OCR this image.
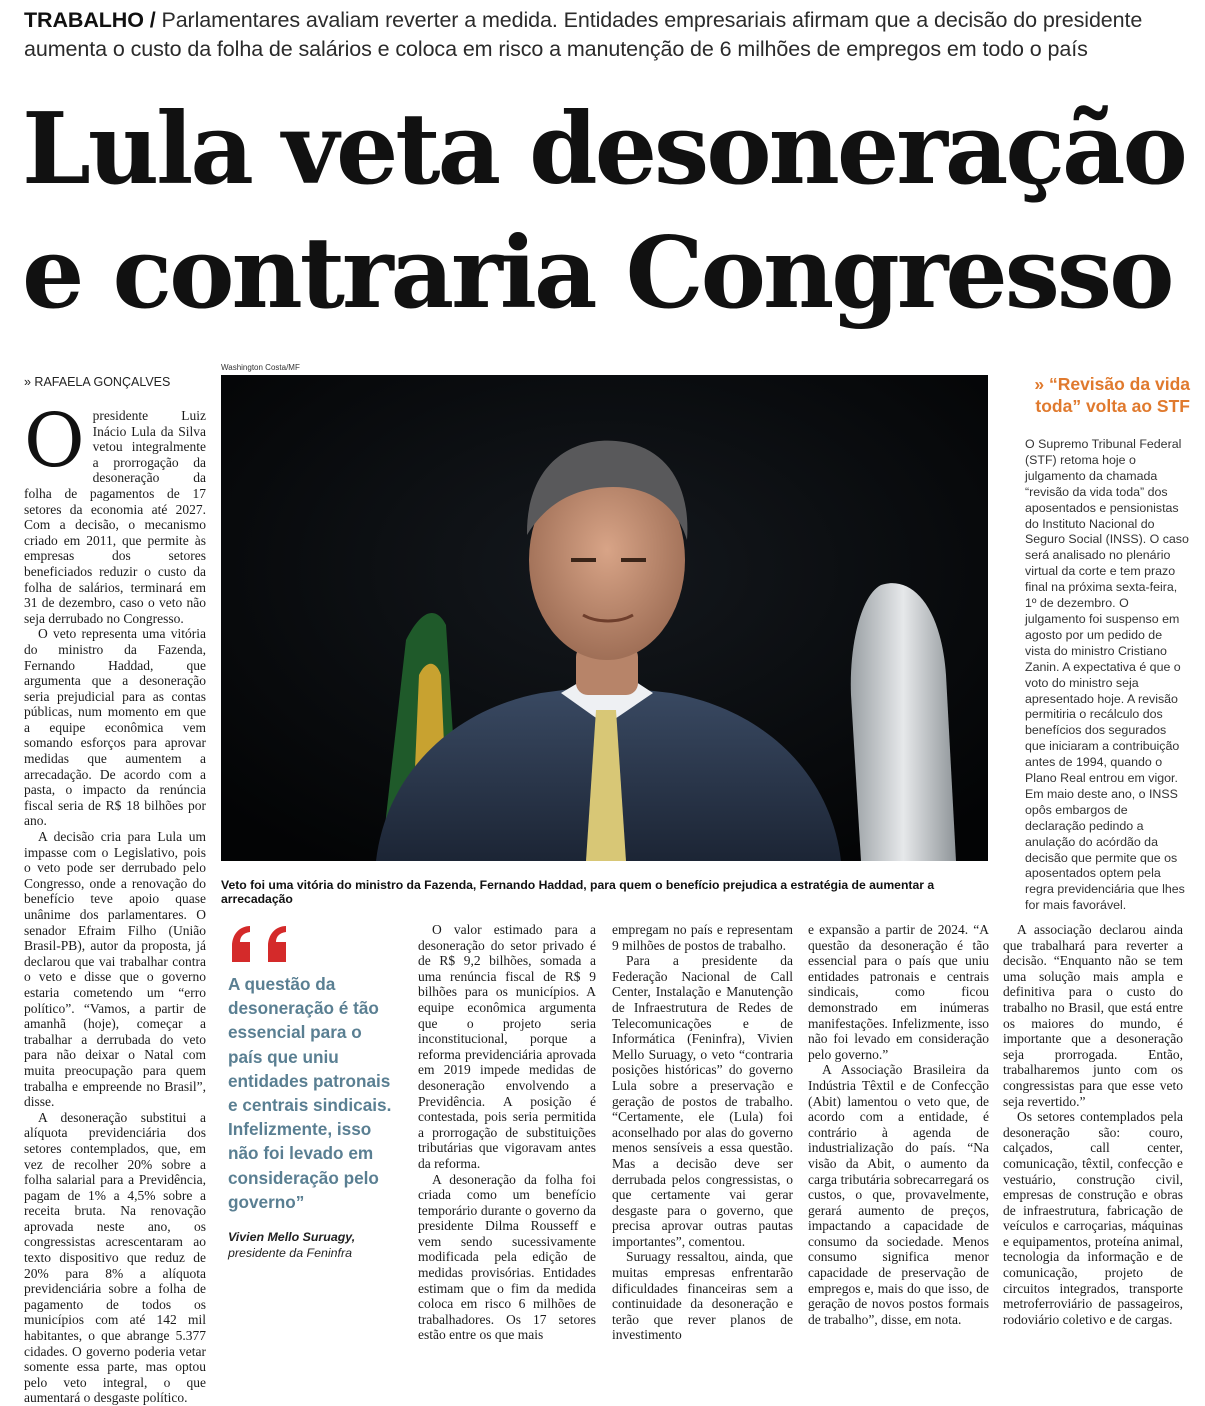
TRABALHO / Parlamentares avaliam reverter a medida. Entidades empresariais afirmam que a decisão do presidente aumenta o custo da folha de salários e coloca em risco a manutenção de 6 milhões de empregos em todo o país
Lula veta desoneração
e contraria Congresso
» RAFAELA GONÇALVES
Washington Costa/MF
Veto foi uma vitória do ministro da Fazenda, Fernando Haddad, para quem o benefício prejudica a estratégia de aumentar a arrecadação

Opresidente Luiz Inácio Lula da Silva vetou integralmente a prorrogação da desoneração da folha de pagamentos de 17 setores da economia até 2027. Com a decisão, o mecanismo criado em 2011, que permite às empresas dos setores beneficiados reduzir o custo da folha de salários, terminará em 31 de dezembro, caso o veto não seja derrubado no Congresso.

O veto representa uma vitória do ministro da Fazenda, Fernando Haddad, que argumenta que a desoneração seria prejudicial para as contas públicas, num momento em que a equipe econômica vem somando esforços para aprovar medidas que aumentem a arrecadação. De acordo com a pasta, o impacto da renúncia fiscal seria de R$ 18 bilhões por ano.

A decisão cria para Lula um impasse com o Legislativo, pois o veto pode ser derrubado pelo Congresso, onde a renovação do benefício teve apoio quase unânime dos parlamentares. O senador Efraim Filho (União Brasil-PB), autor da proposta, já declarou que vai trabalhar contra o veto e disse que o governo estaria cometendo um “erro político”. “Vamos, a partir de amanhã (hoje), começar a trabalhar a derrubada do veto para não deixar o Natal com muita preocupação para quem trabalha e empreende no Brasil”, disse.

A desoneração substitui a alíquota previdenciária dos setores contemplados, que, em vez de recolher 20% sobre a folha salarial para a Previdência, pagam de 1% a 4,5% sobre a receita bruta. Na renovação aprovada neste ano, os congressistas acrescentaram ao texto dispositivo que reduz de 20% para 8% a alíquota previdenciária sobre a folha de pagamento de todos os municípios com até 142 mil habitantes, o que abrange 5.377 cidades. O governo poderia vetar somente essa parte, mas optou pelo veto integral, o que aumentará o desgaste político.

A questão da desoneração é tão essencial para o país que uniu entidades patronais e centrais sindicais. Infelizmente, isso não foi levado em consideração pelo governo”
Vivien Mello Suruagy,
presidente da Feninfra

O valor estimado para a desoneração do setor privado é de R$ 9,2 bilhões, somada a uma renúncia fiscal de R$ 9 bilhões para os municípios. A equipe econômica argumenta que o projeto seria inconstitucional, porque a reforma previdenciária aprovada em 2019 impede medidas de desoneração envolvendo a Previdência. A posição é contestada, pois seria permitida a prorrogação de substituições tributárias que vigoravam antes da reforma.

A desoneração da folha foi criada como um benefício temporário durante o governo da presidente Dilma Rousseff e vem sendo sucessivamente modificada pela edição de medidas provisórias. Entidades estimam que o fim da medida coloca em risco 6 milhões de trabalhadores. Os 17 setores estão entre os que mais

empregam no país e representam 9 milhões de postos de trabalho.

Para a presidente da Federação Nacional de Call Center, Instalação e Manutenção de Infraestrutura de Redes de Telecomunicações e de Informática (Feninfra), Vivien Mello Suruagy, o veto “contraria posições históricas” do governo Lula sobre a preservação e geração de postos de trabalho. “Certamente, ele (Lula) foi aconselhado por alas do governo menos sensíveis a essa questão. Mas a decisão deve ser derrubada pelos congressistas, o que certamente vai gerar desgaste para o governo, que precisa aprovar outras pautas importantes”, comentou.

Suruagy ressaltou, ainda, que muitas empresas enfrentarão dificuldades financeiras sem a continuidade da desoneração e terão que rever planos de investimento

e expansão a partir de 2024. “A questão da desoneração é tão essencial para o país que uniu entidades patronais e centrais sindicais, como ficou demonstrado em inúmeras manifestações. Infelizmente, isso não foi levado em consideração pelo governo.”

A Associação Brasileira da Indústria Têxtil e de Confecção (Abit) lamentou o veto que, de acordo com a entidade, é contrário à agenda de industrialização do país. “Na visão da Abit, o aumento da carga tributária sobrecarregará os custos, o que, provavelmente, gerará aumento de preços, impactando a capacidade de consumo da sociedade. Menos consumo significa menor capacidade de preservação de empregos e, mais do que isso, de geração de novos postos formais de trabalho”, disse, em nota.

A associação declarou ainda que trabalhará para reverter a decisão. “Enquanto não se tem uma solução mais ampla e definitiva para o custo do trabalho no Brasil, que está entre os maiores do mundo, é importante que a desoneração seja prorrogada. Então, trabalharemos junto com os congressistas para que esse veto seja revertido.”

Os setores contemplados pela desoneração são: couro, calçados, call center, comunicação, têxtil, confecção e vestuário, construção civil, empresas de construção e obras de infraestrutura, fabricação de veículos e carroçarias, máquinas e equipamentos, proteína animal, tecnologia da informação e de comunicação, projeto de circuitos integrados, transporte metroferroviário de passageiros, rodoviário coletivo e de cargas.

» “Revisão da vida toda” volta ao STF
O Supremo Tribunal Federal (STF) retoma hoje o julgamento da chamada “revisão da vida toda” dos aposentados e pensionistas do Instituto Nacional do Seguro Social (INSS). O caso será analisado no plenário virtual da corte e tem prazo final na próxima sexta-feira, 1º de dezembro. O julgamento foi suspenso em agosto por um pedido de vista do ministro Cristiano Zanin. A expectativa é que o voto do ministro seja apresentado hoje. A revisão permitiria o recálculo dos benefícios dos segurados que iniciaram a contribuição antes de 1994, quando o Plano Real entrou em vigor. Em maio deste ano, o INSS opôs embargos de declaração pedindo a anulação do acórdão da decisão que permite que os aposentados optem pela regra previdenciária que lhes for mais favorável.
